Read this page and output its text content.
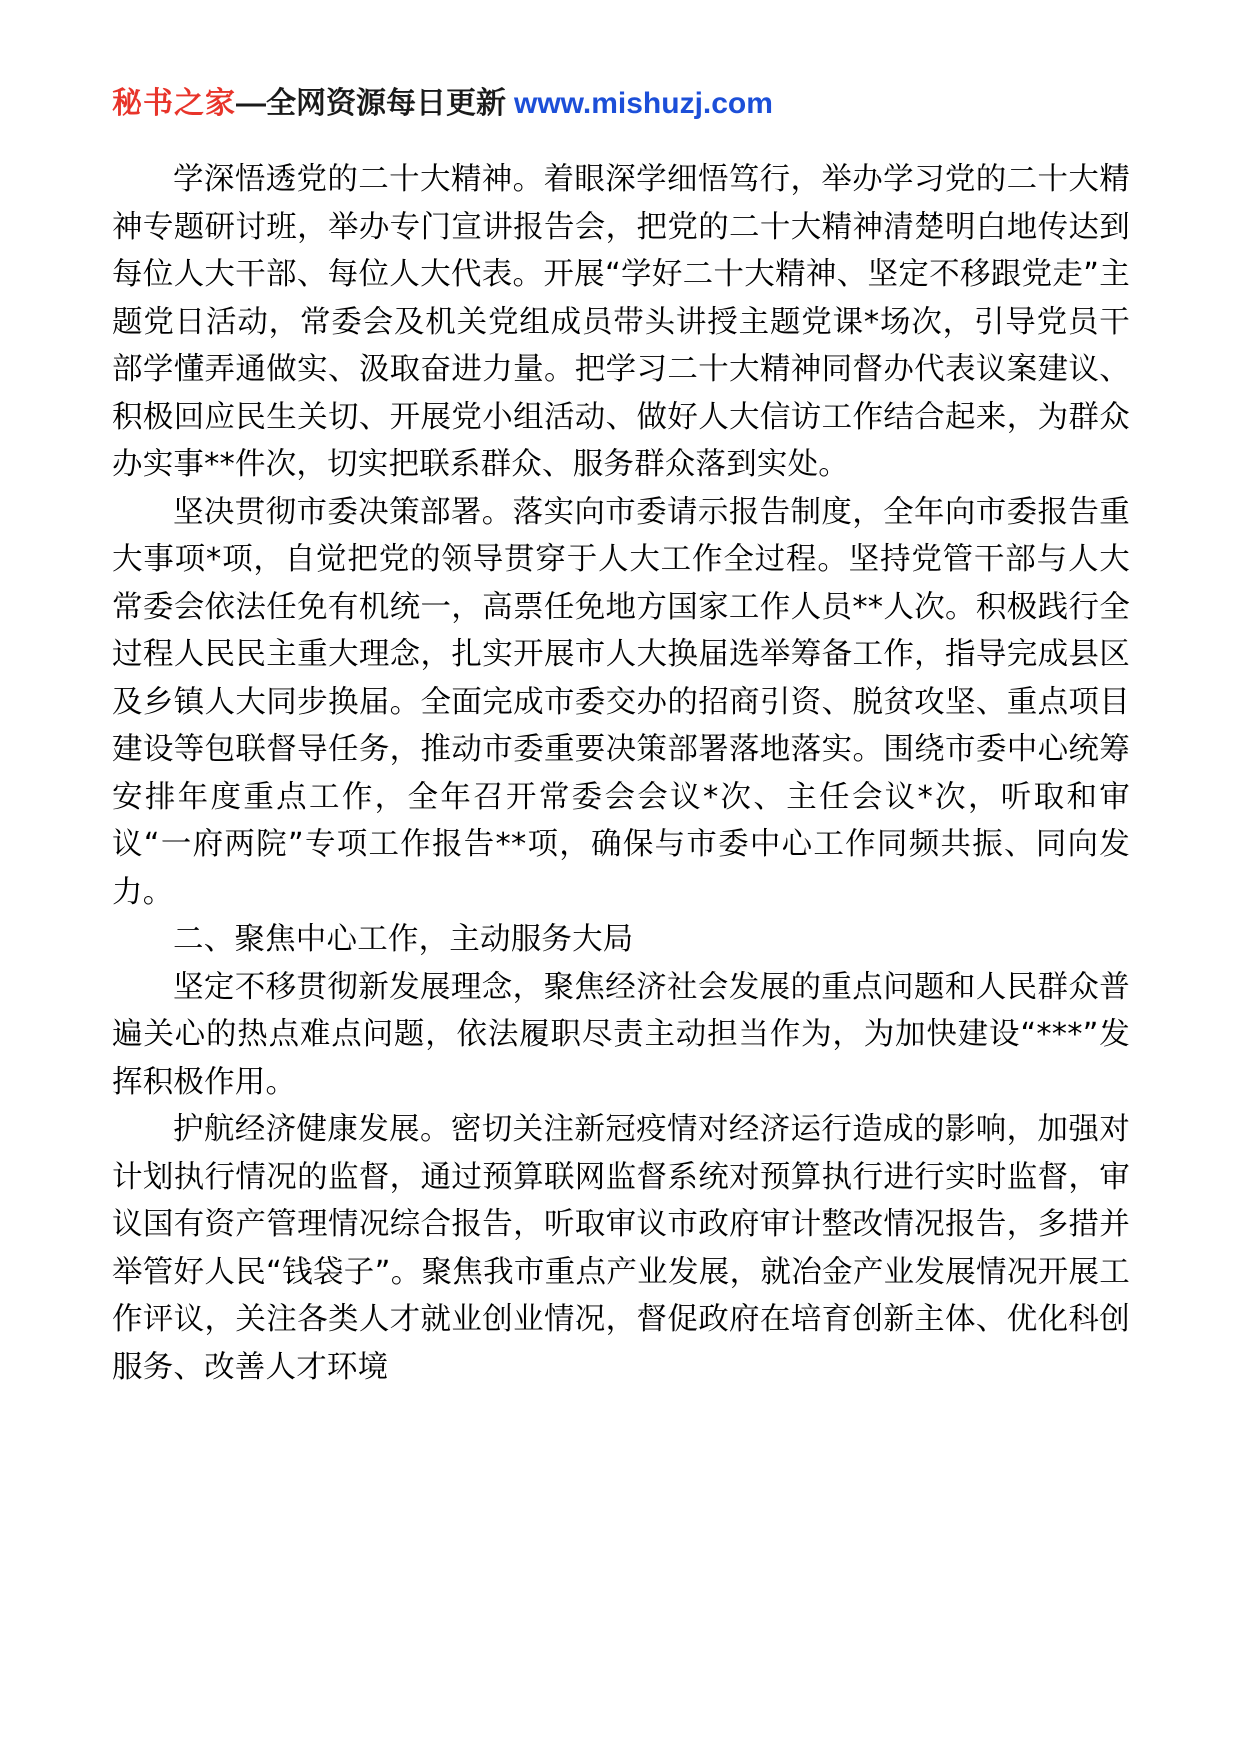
秘书之家—全网资源每日更新 www.mishuzj.com

学深悟透党的二十大精神。着眼深学细悟笃行，举办学习党的二十大精神专题研讨班，举办专门宣讲报告会，把党的二十大精神清楚明白地传达到每位人大干部、每位人大代表。开展“学好二十大精神、坚定不移跟党走”主题党日活动，常委会及机关党组成员带头讲授主题党课*场次，引导党员干部学懂弄通做实、汲取奋进力量。把学习二十大精神同督办代表议案建议、积极回应民生关切、开展党小组活动、做好人大信访工作结合起来，为群众办实事**件次，切实把联系群众、服务群众落到实处。

坚决贯彻市委决策部署。落实向市委请示报告制度，全年向市委报告重大事项*项，自觉把党的领导贯穿于人大工作全过程。坚持党管干部与人大常委会依法任免有机统一，高票任免地方国家工作人员**人次。积极践行全过程人民民主重大理念，扎实开展市人大换届选举筹备工作，指导完成县区及乡镇人大同步换届。全面完成市委交办的招商引资、脱贫攻坚、重点项目建设等包联督导任务，推动市委重要决策部署落地落实。围绕市委中心统筹安排年度重点工作，全年召开常委会会议*次、主任会议*次，听取和审议“一府两院”专项工作报告**项，确保与市委中心工作同频共振、同向发力。

二、聚焦中心工作，主动服务大局

坚定不移贯彻新发展理念，聚焦经济社会发展的重点问题和人民群众普遍关心的热点难点问题，依法履职尽责主动担当作为，为加快建设“***”发挥积极作用。

护航经济健康发展。密切关注新冠疫情对经济运行造成的影响，加强对计划执行情况的监督，通过预算联网监督系统对预算执行进行实时监督，审议国有资产管理情况综合报告，听取审议市政府审计整改情况报告，多措并举管好人民“钱袋子”。聚焦我市重点产业发展，就冶金产业发展情况开展工作评议，关注各类人才就业创业情况，督促政府在培育创新主体、优化科创服务、改善人才环境
